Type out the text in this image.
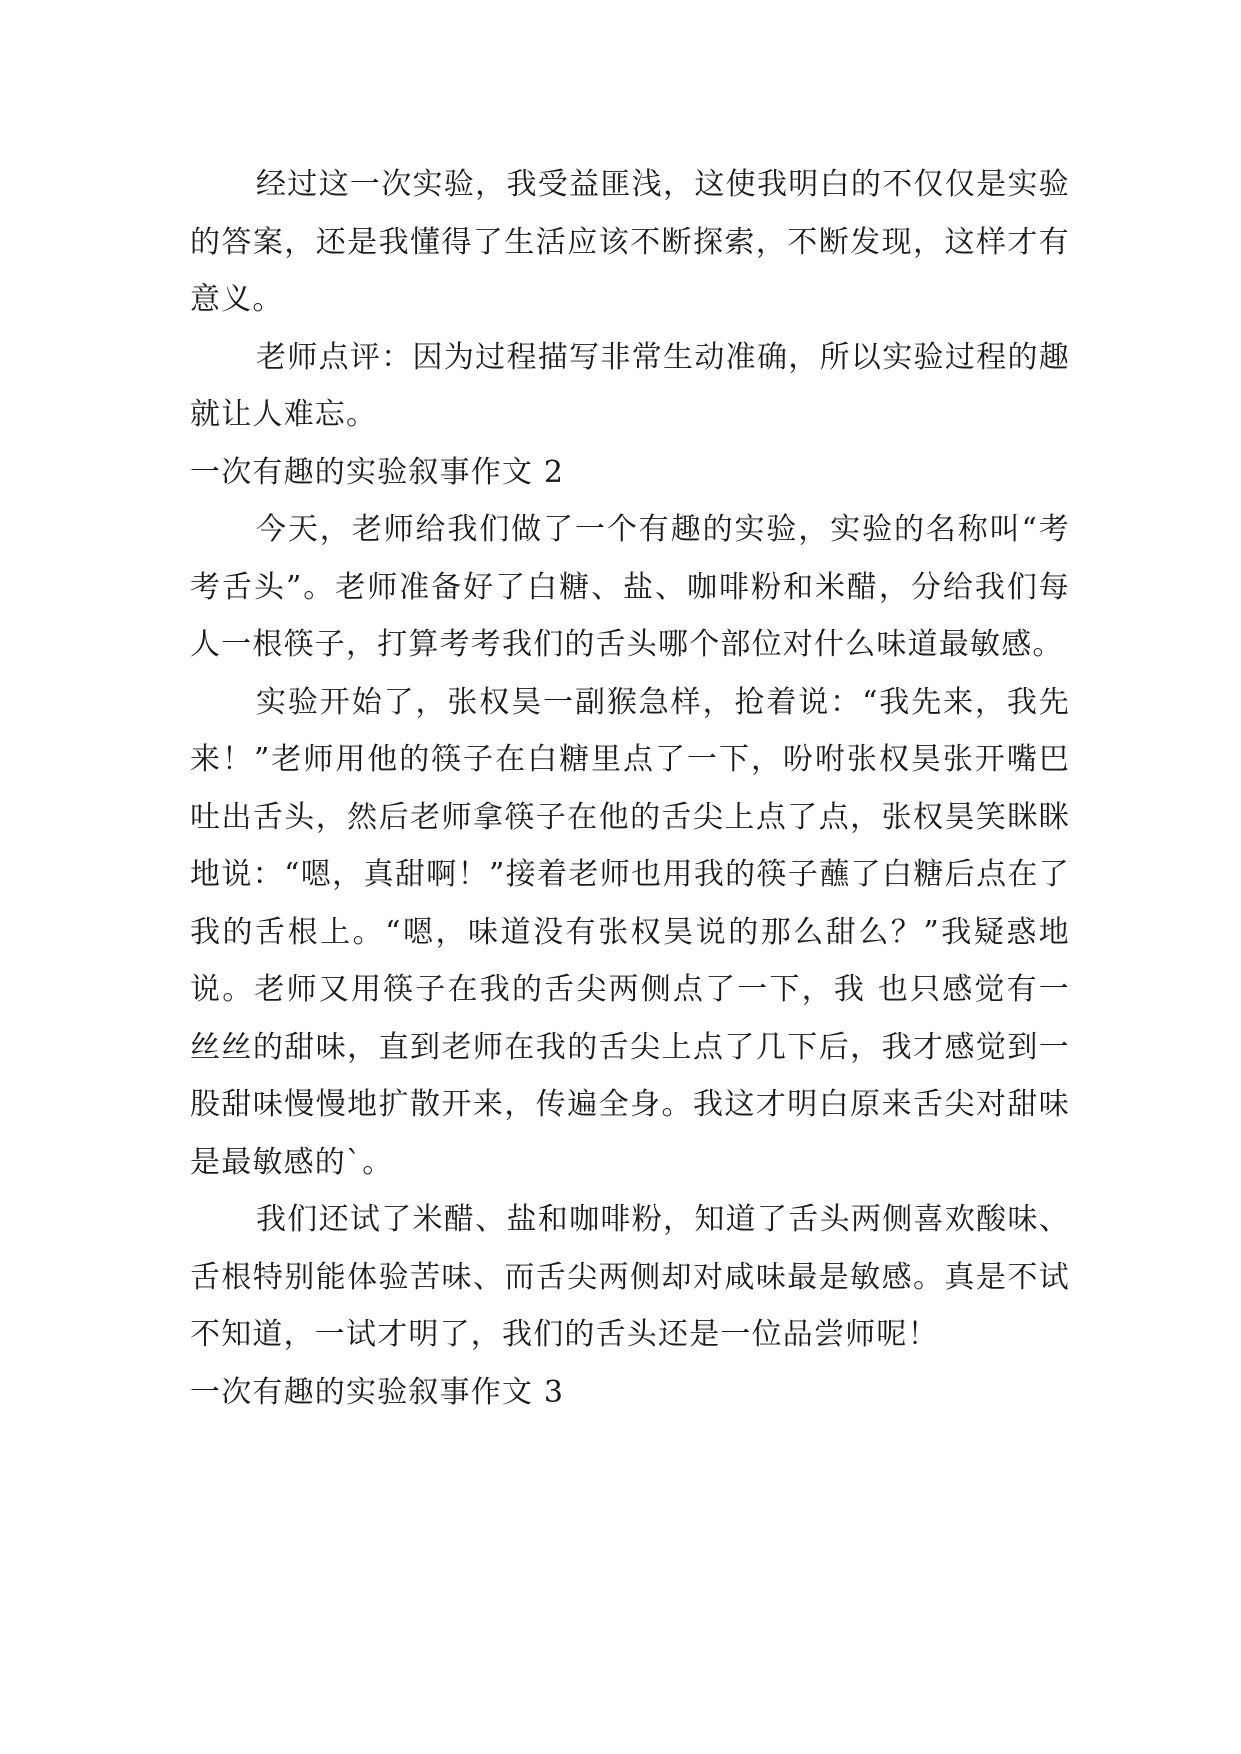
经过这一次实验，我受益匪浅，这使我明白的不仅仅是实验的答案，还是我懂得了生活应该不断探索，不断发现，这样才有意义。

老师点评：因为过程描写非常生动准确，所以实验过程的趣就让人难忘。

一次有趣的实验叙事作文 2

今天，老师给我们做了一个有趣的实验，实验的名称叫“考考舌头”。老师准备好了白糖、盐、咖啡粉和米醋，分给我们每人一根筷子，打算考考我们的舌头哪个部位对什么味道最敏感。

实验开始了，张权昊一副猴急样，抢着说：“我先来，我先来！”老师用他的筷子在白糖里点了一下，吩咐张权昊张开嘴巴吐出舌头，然后老师拿筷子在他的舌尖上点了点，张权昊笑眯眯地说：“嗯，真甜啊！”接着老师也用我的筷子蘸了白糖后点在了我的舌根上。“嗯，味道没有张权昊说的那么甜么？”我疑惑地说。老师又用筷子在我的舌尖两侧点了一下，我 也只感觉有一丝丝的甜味，直到老师在我的舌尖上点了几下后，我才感觉到一股甜味慢慢地扩散开来，传遍全身。我这才明白原来舌尖对甜味是最敏感的`。

我们还试了米醋、盐和咖啡粉，知道了舌头两侧喜欢酸味、舌根特别能体验苦味、而舌尖两侧却对咸味最是敏感。真是不试不知道，一试才明了，我们的舌头还是一位品尝师呢！

一次有趣的实验叙事作文 3
